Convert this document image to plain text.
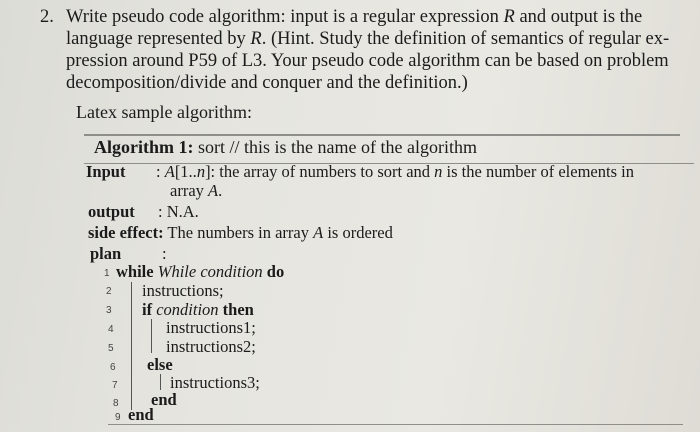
2. Write pseudo code algorithm: input is a regular expression R and output is the
language represented by R. (Hint. Study the definition of semantics of regular ex-
pression around P59 of L3. Your pseudo code algorithm can be based on problem
decomposition/divide and conquer and the definition.)
Latex sample algorithm:
Algorithm 1: sort // this is the name of the algorithm
Input : A[1..n]: the array of numbers to sort and n is the number of elements in
array A.
output : N.A.
side effect: The numbers in array A is ordered
plan :
1 while While condition do
2 instructions;
3 if condition then
4	instructions1;
5	instructions2;
6 else
7	instructions3;
8 end
9 end
